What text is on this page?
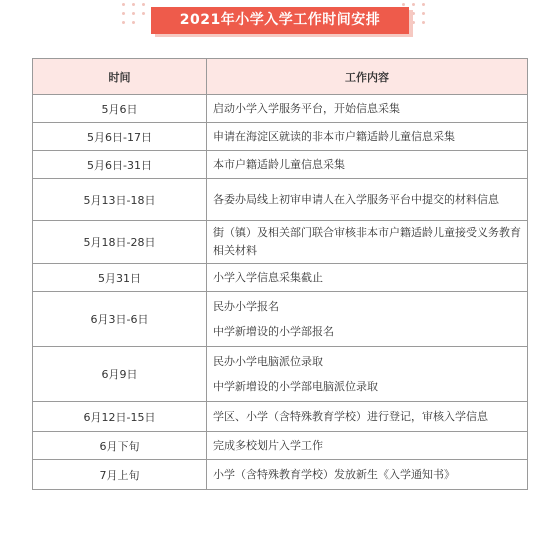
2021年小学入学工作时间安排
时间	工作内容
5月6日	启动小学入学服务平台，开始信息采集

5月6日-17日	申请在海淀区就读的非本市户籍适龄儿童信息采集

5月6日-31日	本市户籍适龄儿童信息采集

5月13日-18日	各委办局线上初审申请人在入学服务平台中提交的材料信息

5月18日-28日	街（镇）及相关部门联合审核非本市户籍适龄儿童接受义务教育相关材料

5月31日	小学入学信息采集截止

6月3日-6日	民办小学报名
中学新增设的小学部报名

6月9日	民办小学电脑派位录取
中学新增设的小学部电脑派位录取

6月12日-15日	学区、小学（含特殊教育学校）进行登记，审核入学信息

6月下旬	完成多校划片入学工作

7月上旬	小学（含特殊教育学校）发放新生《入学通知书》
